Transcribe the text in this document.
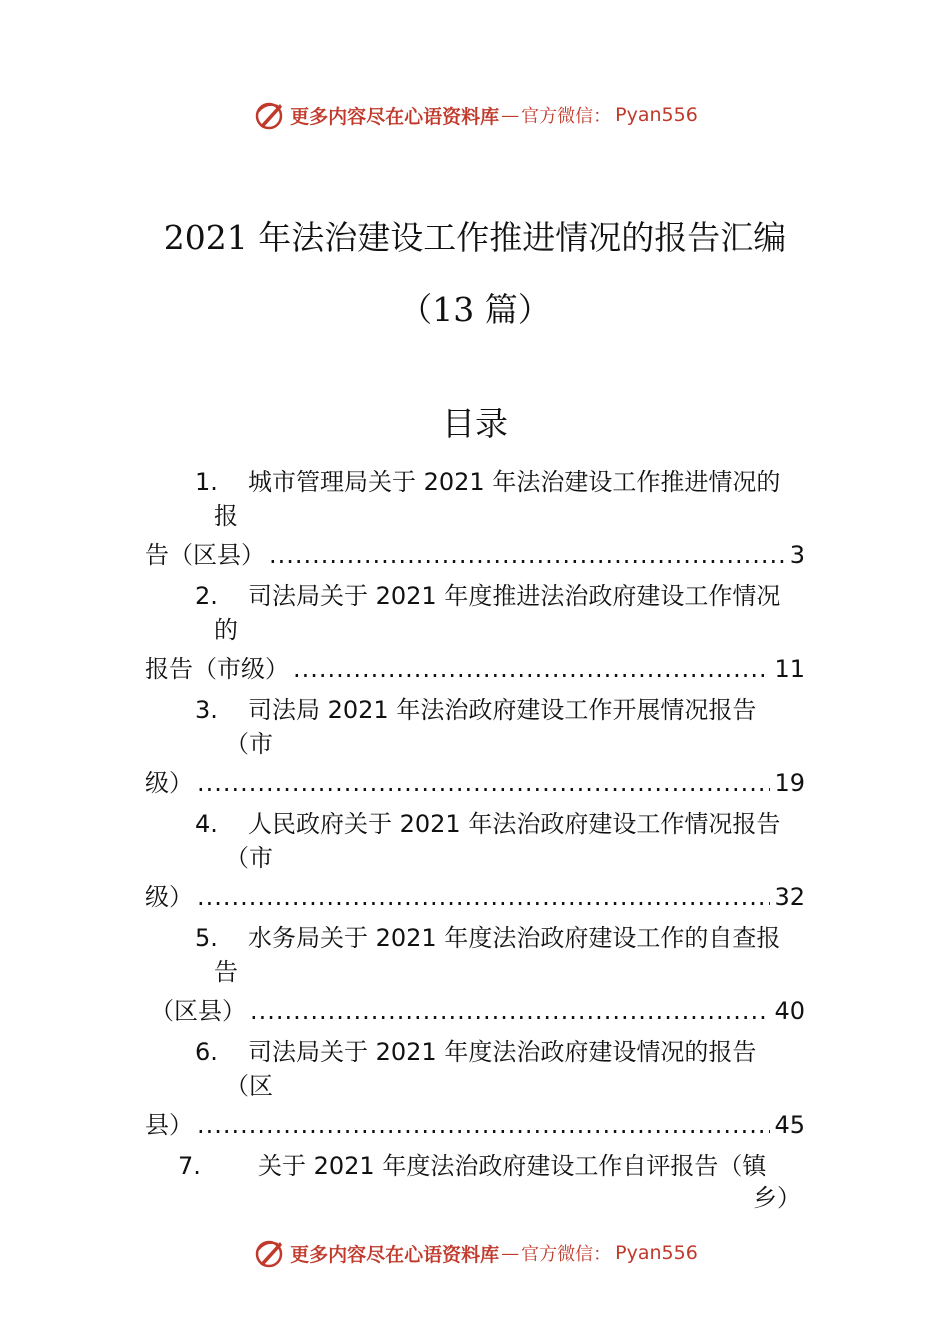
更多内容尽在心语资料库 — 官方微信： Pyan556
2021 年法治建设工作推进情况的报告汇编
（13 篇）
目录
1. 城市管理局关于 2021 年法治建设工作推进情况的
报
告（区县） .....	3
2. 司法局关于 2021 年度推进法治政府建设工作情况
的
报告（市级） .....	11
3. 司法局 2021 年法治政府建设工作开展情况报告
（市
级） .....	19
4. 人民政府关于 2021 年法治政府建设工作情况报告
（市
级） .....	32
5. 水务局关于 2021 年度法治政府建设工作的自查报
告
（区县） .....	40
6. 司法局关于 2021 年度法治政府建设情况的报告
（区
县） .....	45
7. 关于 2021 年度法治政府建设工作自评报告（镇
乡）
更多内容尽在心语资料库 — 官方微信： Pyan556
